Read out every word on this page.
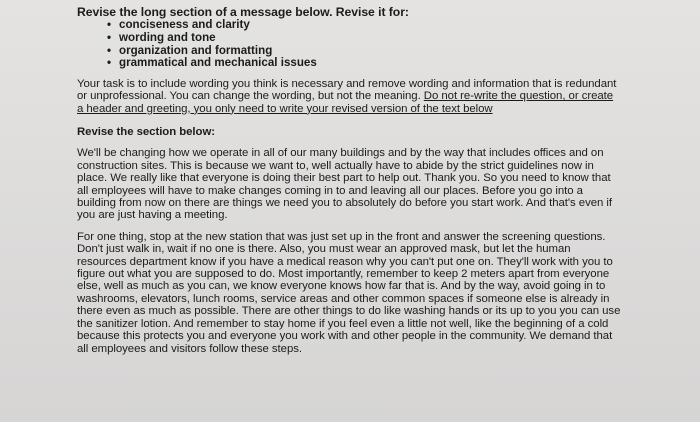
Revise the long section of a message below. Revise it for:

• conciseness and clarity
• wording and tone
• organization and formatting
• grammatical and mechanical issues

Your task is to include wording you think is necessary and remove wording and information that is redundant or unprofessional. You can change the wording, but not the meaning. Do not re-write the question, or create a header and greeting, you only need to write your revised version of the text below

Revise the section below:

We'll be changing how we operate in all of our many buildings and by the way that includes offices and on construction sites. This is because we want to, well actually have to abide by the strict guidelines now in place. We really like that everyone is doing their best part to help out. Thank you. So you need to know that all employees will have to make changes coming in to and leaving all our places. Before you go into a building from now on there are things we need you to absolutely do before you start work. And that's even if you are just having a meeting.

For one thing, stop at the new station that was just set up in the front and answer the screening questions. Don't just walk in, wait if no one is there. Also, you must wear an approved mask, but let the human resources department know if you have a medical reason why you can't put one on. They'll work with you to figure out what you are supposed to do. Most importantly, remember to keep 2 meters apart from everyone else, well as much as you can, we know everyone knows how far that is. And by the way, avoid going in to washrooms, elevators, lunch rooms, service areas and other common spaces if someone else is already in there even as much as possible. There are other things to do like washing hands or its up to you you can use the sanitizer lotion. And remember to stay home if you feel even a little not well, like the beginning of a cold because this protects you and everyone you work with and other people in the community. We demand that all employees and visitors follow these steps.
